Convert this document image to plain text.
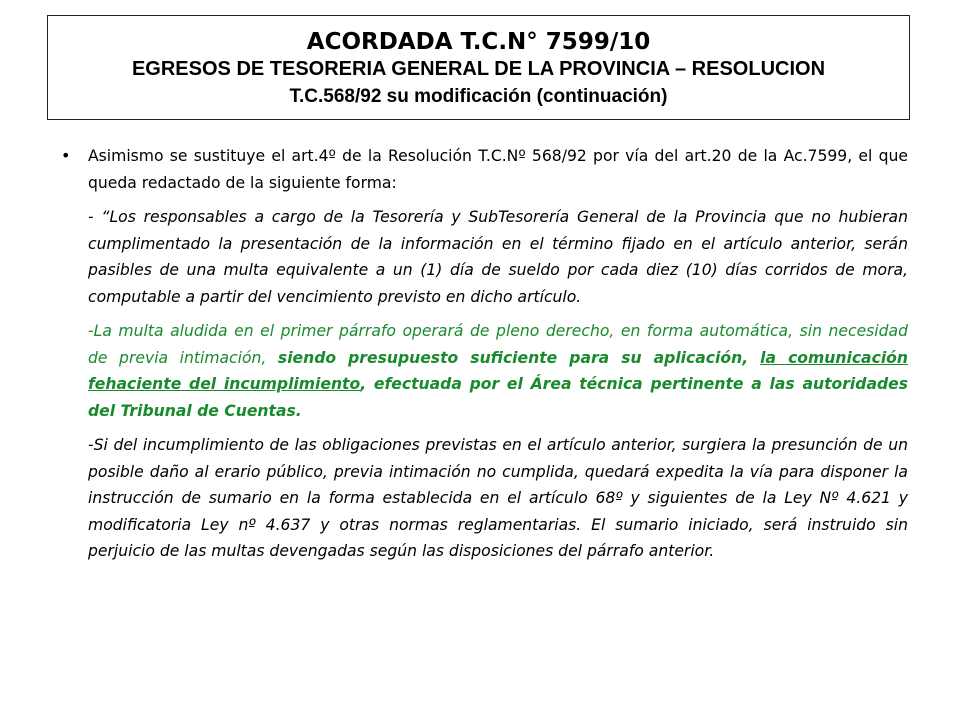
ACORDADA T.C.N° 7599/10
EGRESOS DE TESORERIA GENERAL DE LA PROVINCIA – RESOLUCION
T.C.568/92 su modificación (continuación)

• Asimismo se sustituye el art.4º de la Resolución T.C.Nº 568/92 por vía del art.20 de la Ac.7599, el que queda redactado de la siguiente forma:

- “Los responsables a cargo de la Tesorería y SubTesorería General de la Provincia que no hubieran cumplimentado la presentación de la información en el término fijado en el artículo anterior, serán pasibles de una multa equivalente a un (1) día de sueldo por cada diez (10) días corridos de mora, computable a partir del vencimiento previsto en dicho artículo.

-La multa aludida en el primer párrafo operará de pleno derecho, en forma automática, sin necesidad de previa intimación, siendo presupuesto suficiente para su aplicación, la comunicación fehaciente del incumplimiento, efectuada por el Área técnica pertinente a las autoridades del Tribunal de Cuentas.

-Si del incumplimiento de las obligaciones previstas en el artículo anterior, surgiera la presunción de un posible daño al erario público, previa intimación no cumplida, quedará expedita la vía para disponer la instrucción de sumario en la forma establecida en el artículo 68º y siguientes de la Ley Nº 4.621 y modificatoria Ley nº 4.637 y otras normas reglamentarias. El sumario iniciado, será instruido sin perjuicio de las multas devengadas según las disposiciones del párrafo anterior.
